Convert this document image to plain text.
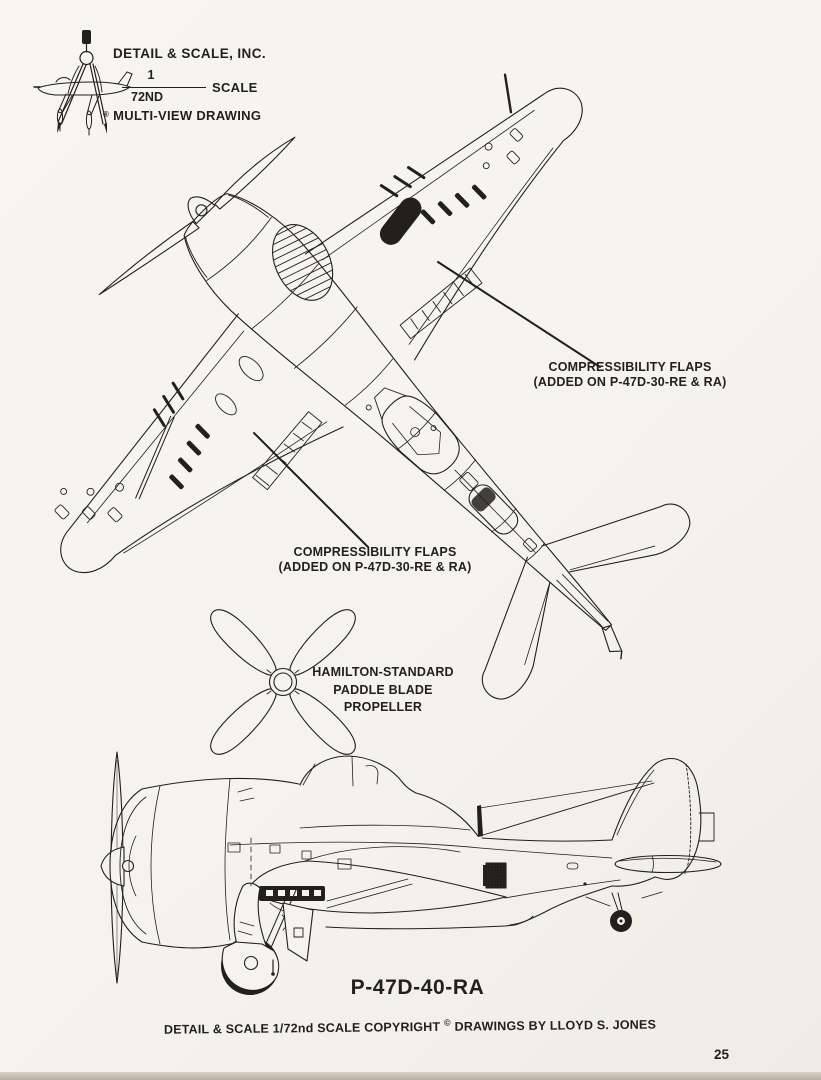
DETAIL & SCALE, INC.
1
72ND
SCALE
® MULTI-VIEW DRAWING
COMPRESSIBILITY FLAPS
(ADDED ON P-47D-30-RE & RA)
COMPRESSIBILITY FLAPS
(ADDED ON P-47D-30-RE & RA)
HAMILTON-STANDARD
PADDLE BLADE
PROPELLER
P-47D-40-RA
DETAIL & SCALE 1/72nd SCALE COPYRIGHT © DRAWINGS BY LLOYD S. JONES
25
